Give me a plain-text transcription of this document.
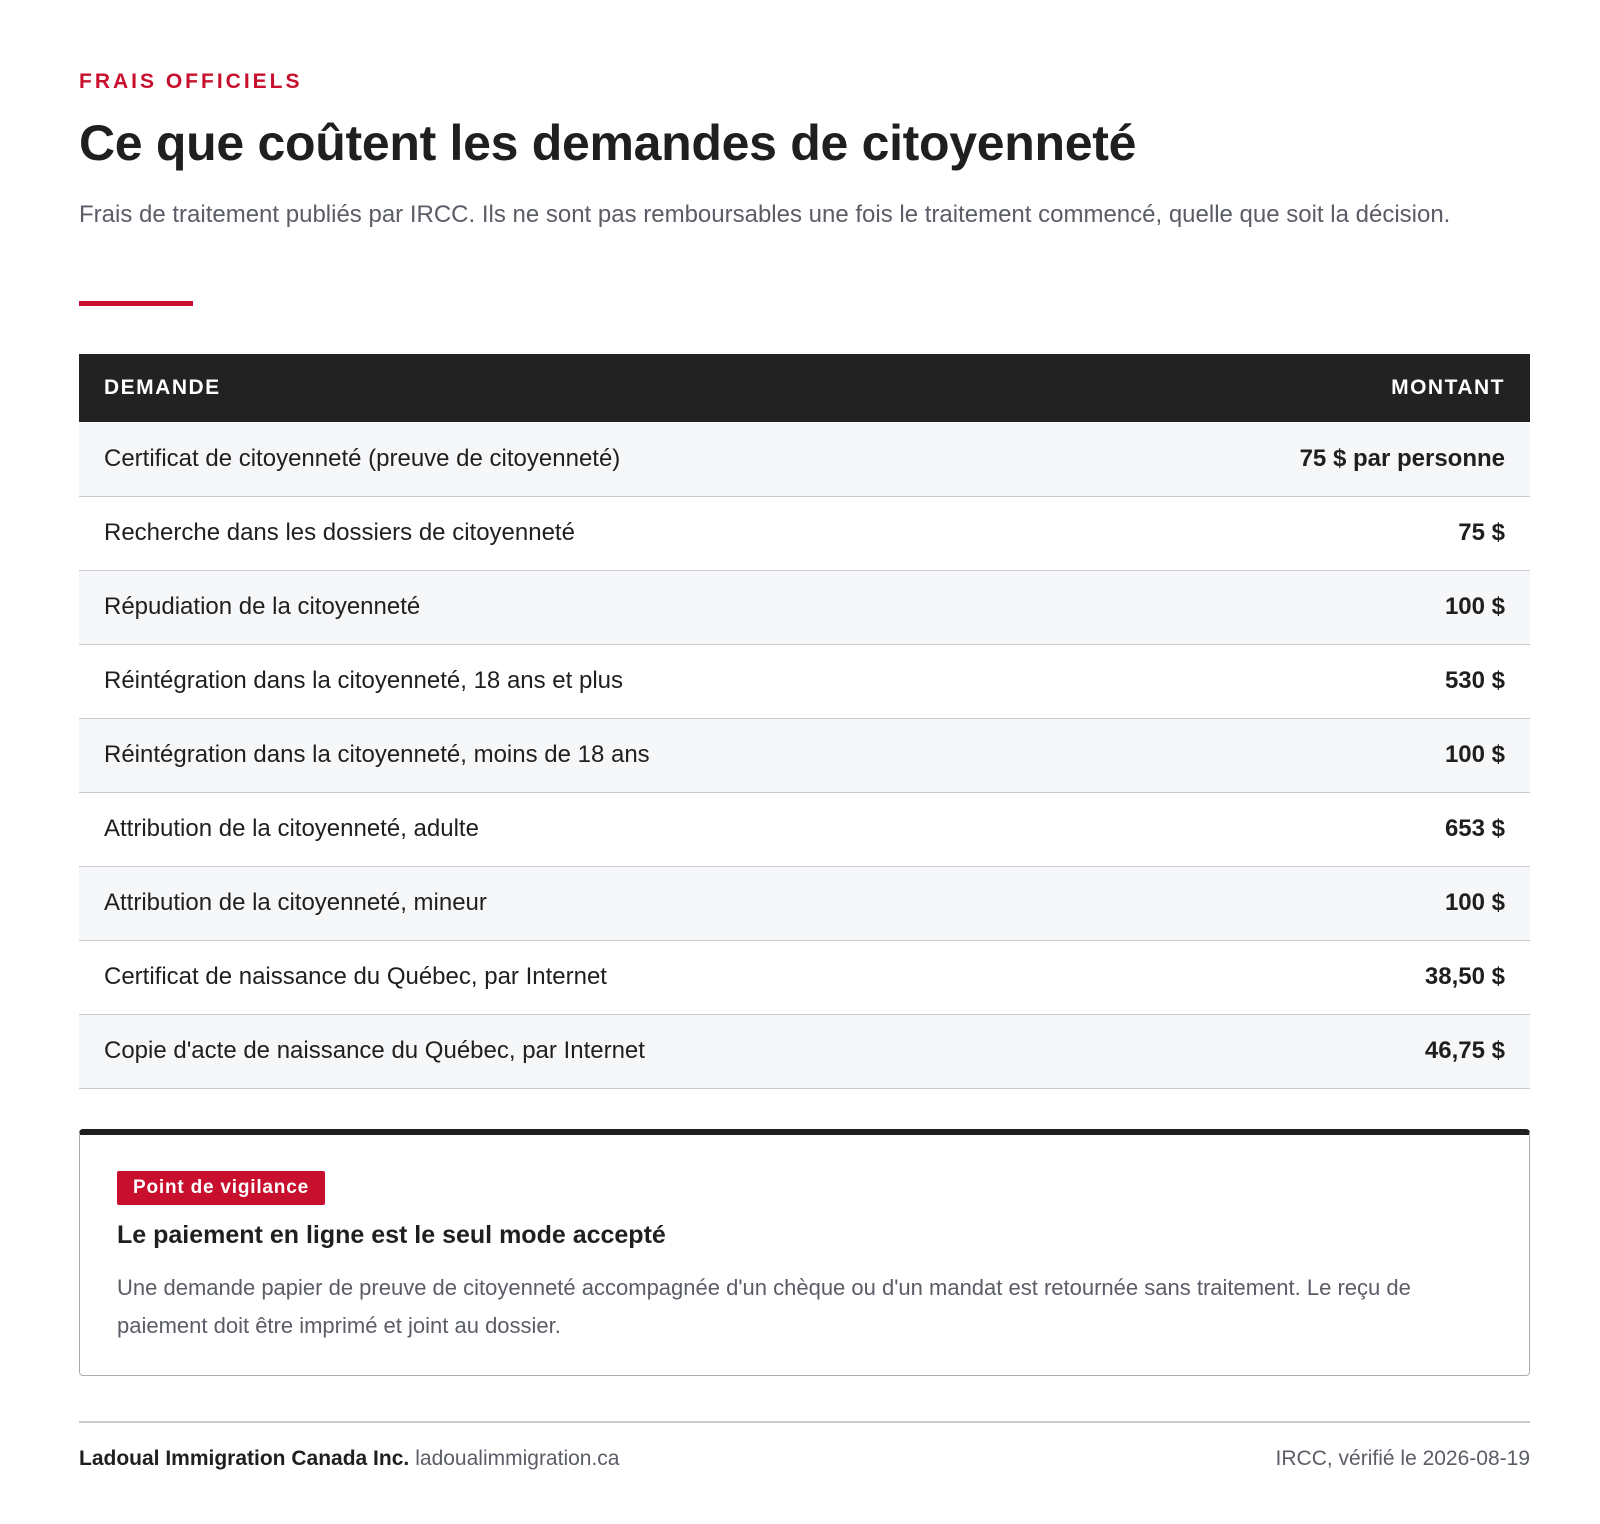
FRAIS OFFICIELS
Ce que coûtent les demandes de citoyenneté

Frais de traitement publiés par IRCC. Ils ne sont pas remboursables une fois le traitement commencé, quelle que soit la décision.

DEMANDE	MONTANT
Certificat de citoyenneté (preuve de citoyenneté)	75 $ par personne
Recherche dans les dossiers de citoyenneté	75 $
Répudiation de la citoyenneté	100 $
Réintégration dans la citoyenneté, 18 ans et plus	530 $
Réintégration dans la citoyenneté, moins de 18 ans	100 $
Attribution de la citoyenneté, adulte	653 $
Attribution de la citoyenneté, mineur	100 $
Certificat de naissance du Québec, par Internet	38,50 $
Copie d'acte de naissance du Québec, par Internet	46,75 $
Point de vigilance
Le paiement en ligne est le seul mode accepté

Une demande papier de preuve de citoyenneté accompagnée d'un chèque ou d'un mandat est retournée sans traitement. Le reçu de paiement doit être imprimé et joint au dossier.

Ladoual Immigration Canada Inc. ladoualimmigration.ca	IRCC, vérifié le 2026-08-19
